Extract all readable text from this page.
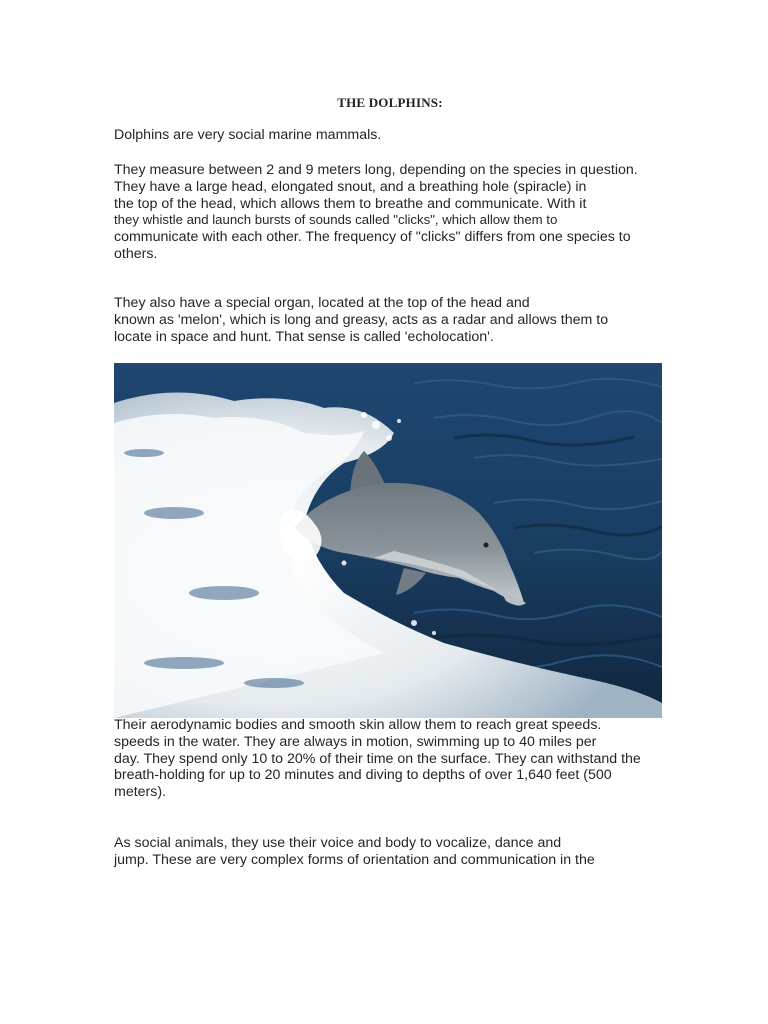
THE DOLPHINS:
Dolphins are very social marine mammals.
They measure between 2 and 9 meters long, depending on the species in question.
They have a large head, elongated snout, and a breathing hole (spiracle) in
the top of the head, which allows them to breathe and communicate. With it
they whistle and launch bursts of sounds called "clicks", which allow them to
communicate with each other. The frequency of "clicks" differs from one species to
others.
They also have a special organ, located at the top of the head and
known as 'melon', which is long and greasy, acts as a radar and allows them to
locate in space and hunt. That sense is called 'echolocation'.
Their aerodynamic bodies and smooth skin allow them to reach great speeds.
speeds in the water. They are always in motion, swimming up to 40 miles per
day. They spend only 10 to 20% of their time on the surface. They can withstand the
breath-holding for up to 20 minutes and diving to depths of over 1,640 feet (500
meters).
As social animals, they use their voice and body to vocalize, dance and
jump. These are very complex forms of orientation and communication in the
